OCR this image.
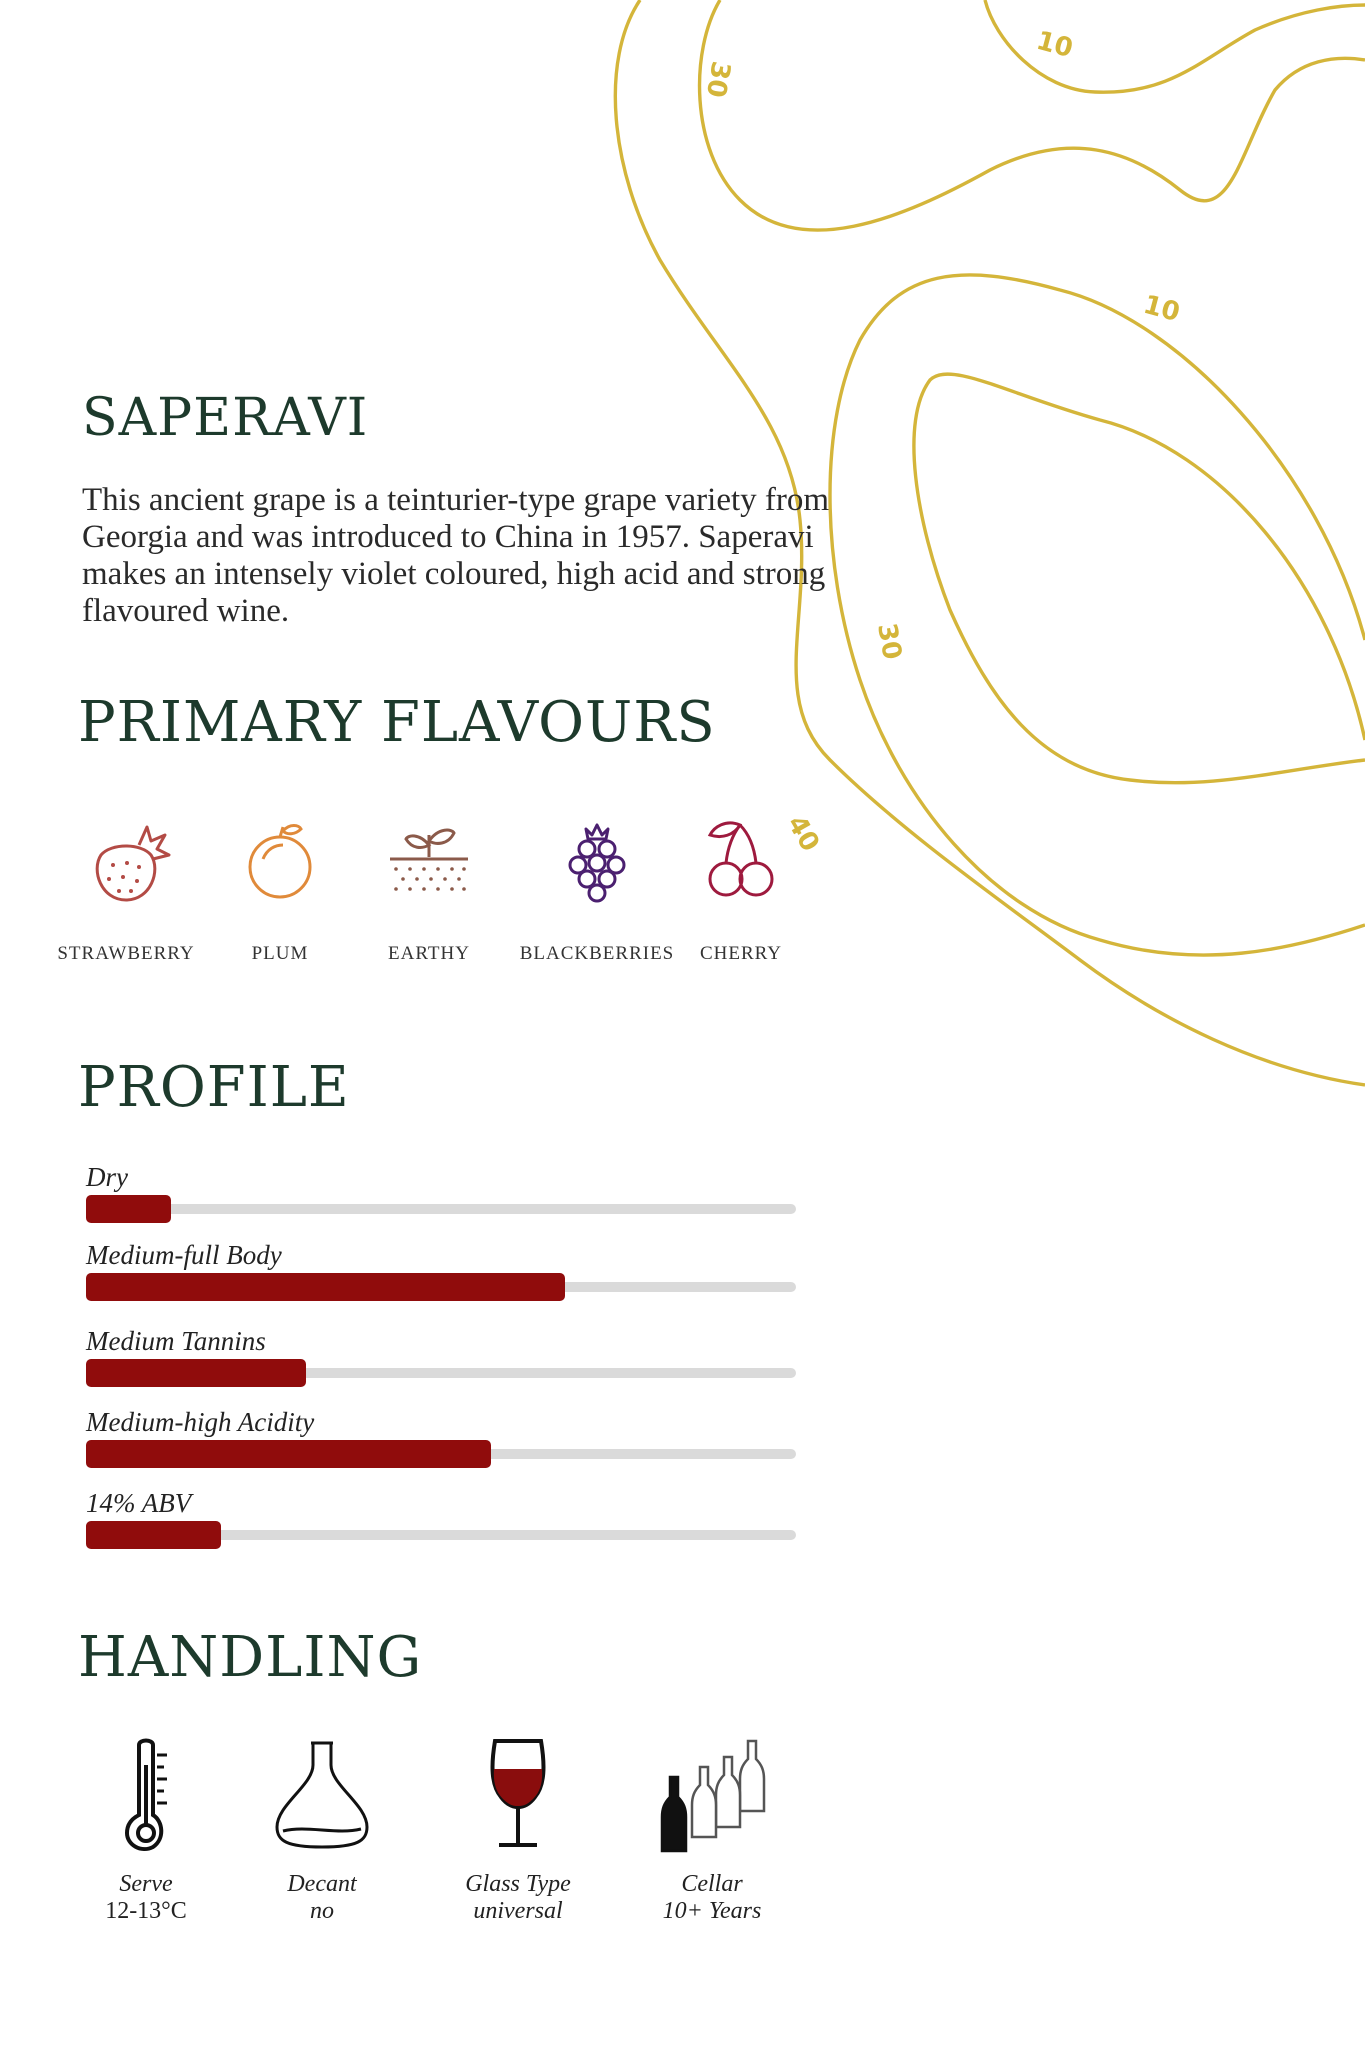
30
10
10
30
40
SAPERAVI

This ancient grape is a teinturier-type grape variety from Georgia and was introduced to China in 1957. Saperavi makes an intensely violet coloured, high acid and strong flavoured wine.

PRIMARY FLAVOURS
STRAWBERRY	PLUM	EARTHY	BLACKBERRIES	CHERRY
PROFILE
Dry
Medium-full Body
Medium Tannins
Medium-high Acidity
14% ABV
HANDLING
Serve
12-13°C
Decant
no
Glass Type
universal
Cellar
10+ Years
